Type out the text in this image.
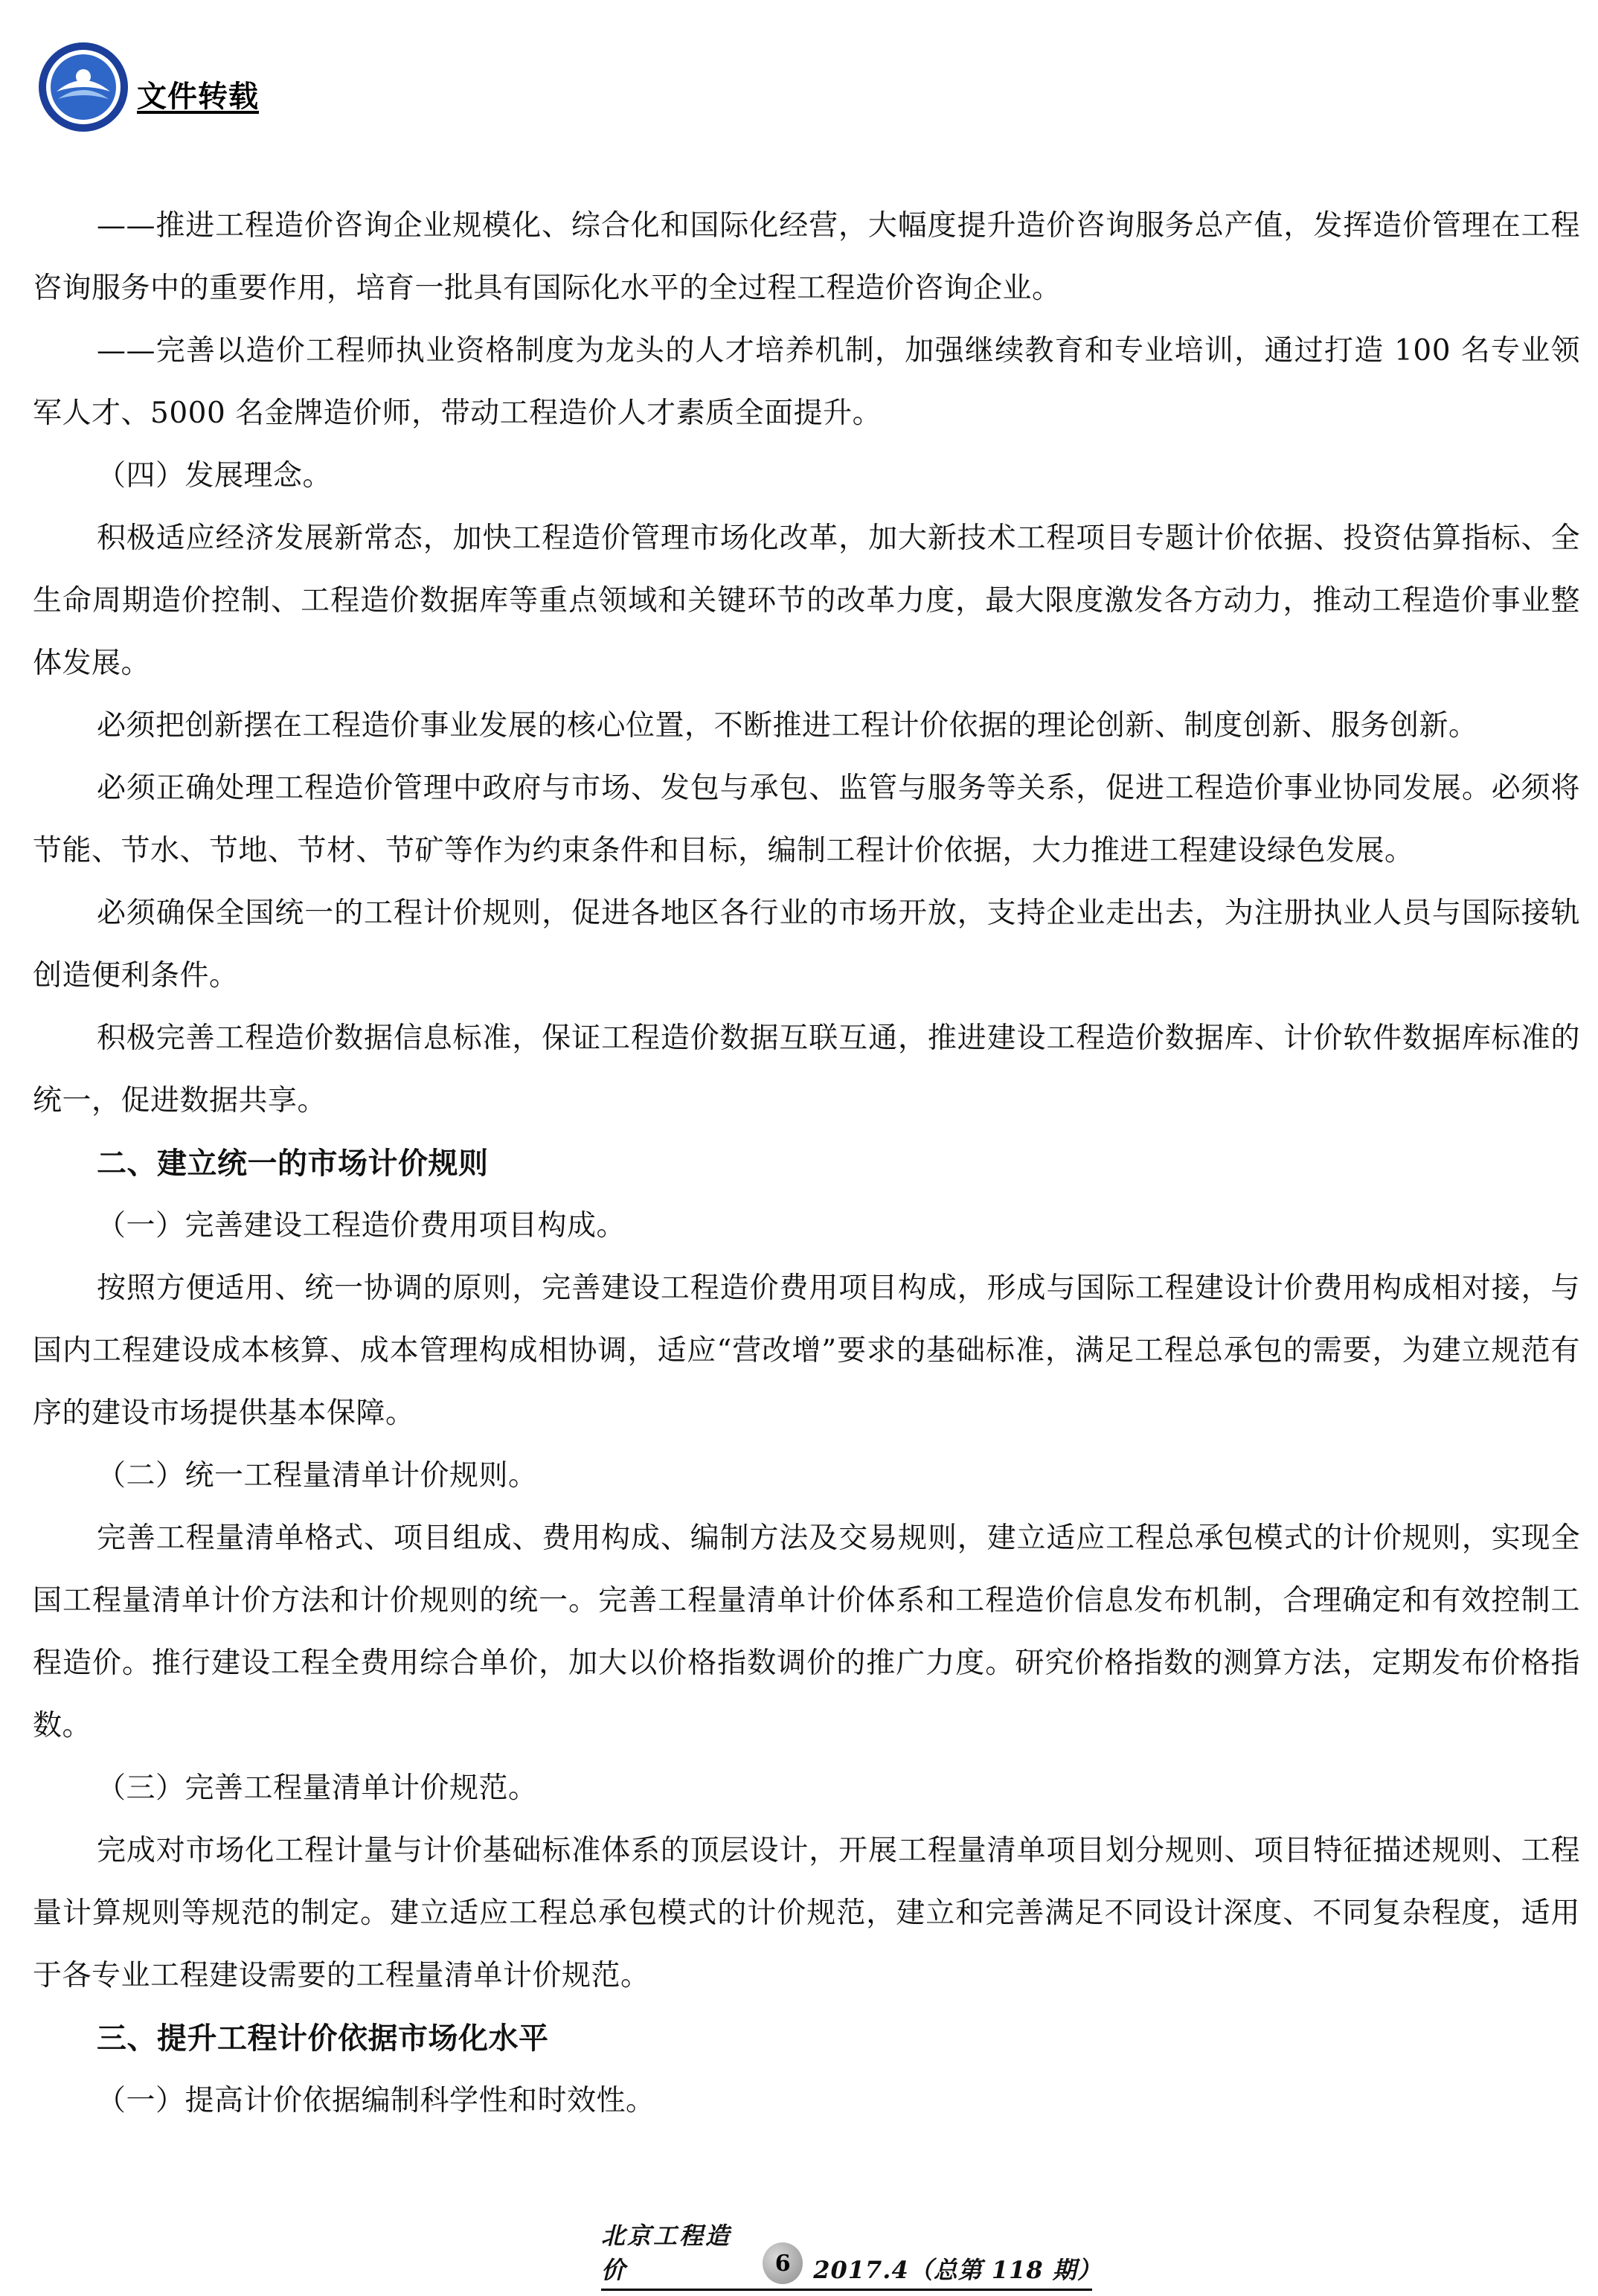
文件转载

——推进工程造价咨询企业规模化、综合化和国际化经营，大幅度提升造价咨询服务总产值，发挥造价管理在工程咨询服务中的重要作用，培育一批具有国际化水平的全过程工程造价咨询企业。

——完善以造价工程师执业资格制度为龙头的人才培养机制，加强继续教育和专业培训，通过打造 100 名专业领军人才、5000 名金牌造价师，带动工程造价人才素质全面提升。

（四）发展理念。

积极适应经济发展新常态，加快工程造价管理市场化改革，加大新技术工程项目专题计价依据、投资估算指标、全生命周期造价控制、工程造价数据库等重点领域和关键环节的改革力度，最大限度激发各方动力，推动工程造价事业整体发展。

必须把创新摆在工程造价事业发展的核心位置，不断推进工程计价依据的理论创新、制度创新、服务创新。

必须正确处理工程造价管理中政府与市场、发包与承包、监管与服务等关系，促进工程造价事业协同发展。必须将节能、节水、节地、节材、节矿等作为约束条件和目标，编制工程计价依据，大力推进工程建设绿色发展。

必须确保全国统一的工程计价规则，促进各地区各行业的市场开放，支持企业走出去，为注册执业人员与国际接轨创造便利条件。

积极完善工程造价数据信息标准，保证工程造价数据互联互通，推进建设工程造价数据库、计价软件数据库标准的统一，促进数据共享。

二、建立统一的市场计价规则

（一）完善建设工程造价费用项目构成。

按照方便适用、统一协调的原则，完善建设工程造价费用项目构成，形成与国际工程建设计价费用构成相对接，与国内工程建设成本核算、成本管理构成相协调，适应“营改增”要求的基础标准，满足工程总承包的需要，为建立规范有序的建设市场提供基本保障。

（二）统一工程量清单计价规则。

完善工程量清单格式、项目组成、费用构成、编制方法及交易规则，建立适应工程总承包模式的计价规则，实现全国工程量清单计价方法和计价规则的统一。完善工程量清单计价体系和工程造价信息发布机制，合理确定和有效控制工程造价。推行建设工程全费用综合单价，加大以价格指数调价的推广力度。研究价格指数的测算方法，定期发布价格指数。

（三）完善工程量清单计价规范。

完成对市场化工程计量与计价基础标准体系的顶层设计，开展工程量清单项目划分规则、项目特征描述规则、工程量计算规则等规范的制定。建立适应工程总承包模式的计价规范，建立和完善满足不同设计深度、不同复杂程度，适用于各专业工程建设需要的工程量清单计价规范。

三、提升工程计价依据市场化水平

（一）提高计价依据编制科学性和时效性。

北京工程造价	6 2017.4（总第 118 期）
